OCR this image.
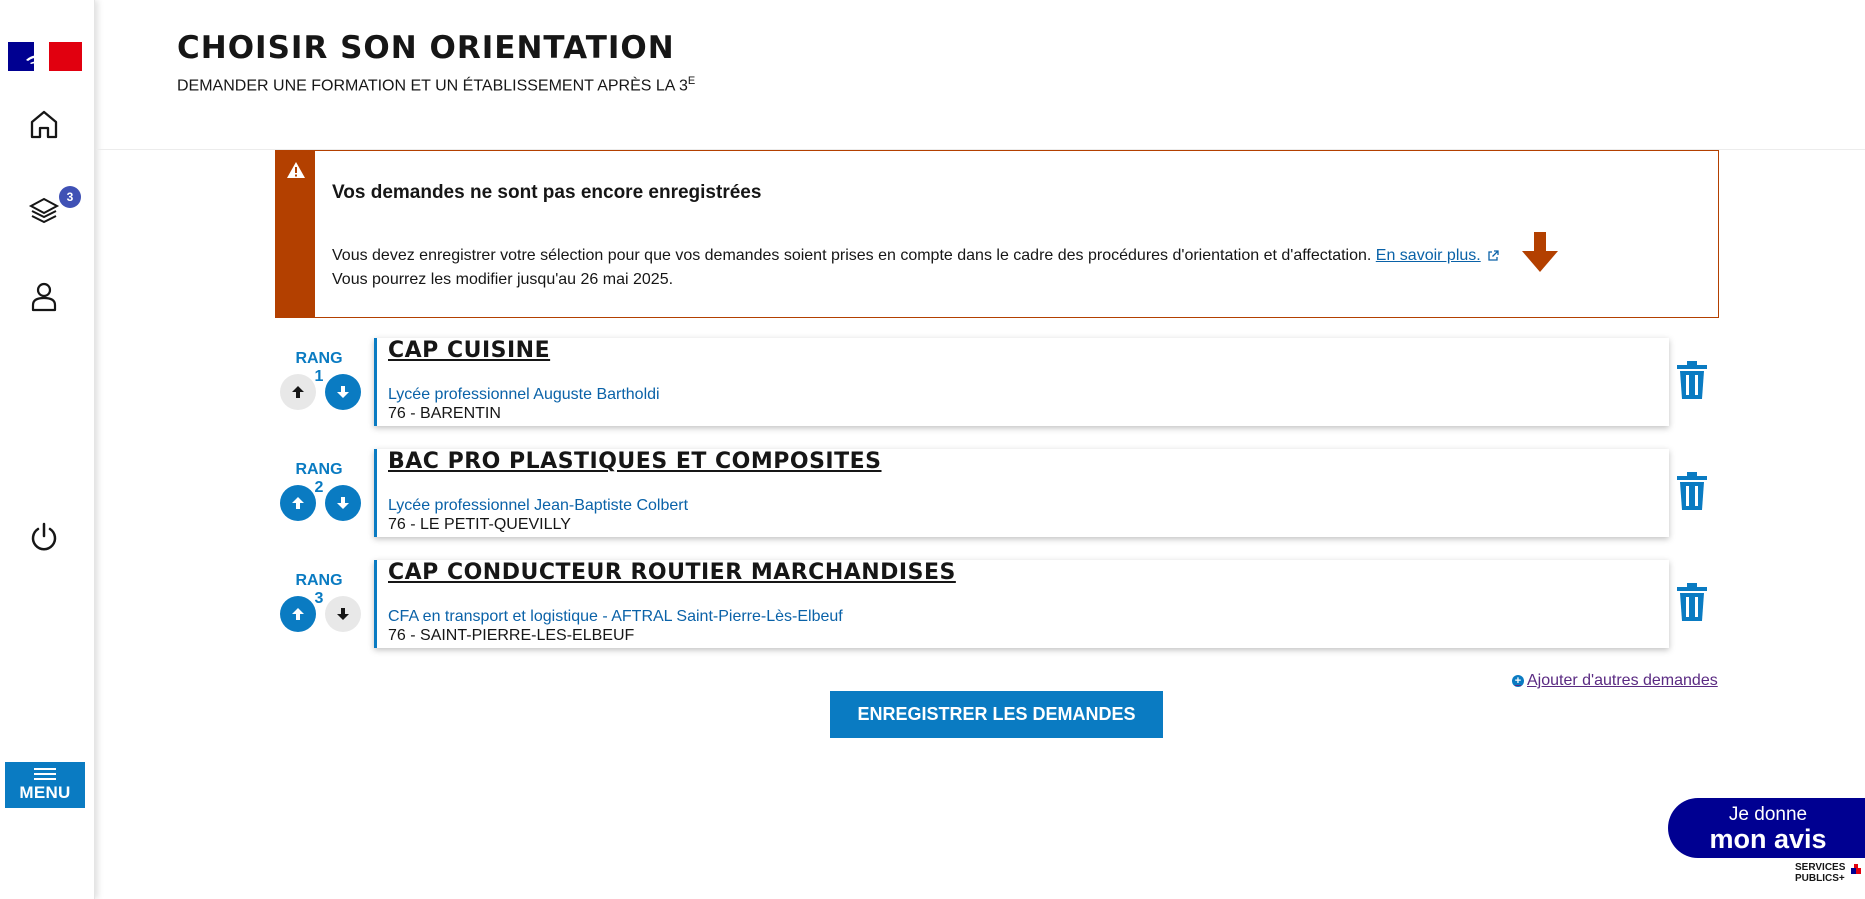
3
MENU
CHOISIR SON ORIENTATION
DEMANDER UNE FORMATION ET UN ÉTABLISSEMENT APRÈS LA $3^E$
Vos demandes ne sont pas encore enregistrées
Vous devez enregistrer votre sélection pour que vos demandes soient prises en compte dans le cadre des procédures d'orientation et d'affectation. En savoir plus.
Vous pourrez les modifier jusqu'au 26 mai 2025.
RANG 1
CAP CUISINE
Lycée professionnel Auguste Bartholdi
76 - BARENTIN
RANG 2
BAC PRO PLASTIQUES ET COMPOSITES
Lycée professionnel Jean-Baptiste Colbert
76 - LE PETIT-QUEVILLY
RANG 3
CAP CONDUCTEUR ROUTIER MARCHANDISES
CFA en transport et logistique - AFTRAL Saint-Pierre-Lès-Elbeuf
76 - SAINT-PIERRE-LES-ELBEUF
+ Ajouter d'autres demandes
ENREGISTRER LES DEMANDES
Je donne
mon avis
SERVICES
PUBLICS+
